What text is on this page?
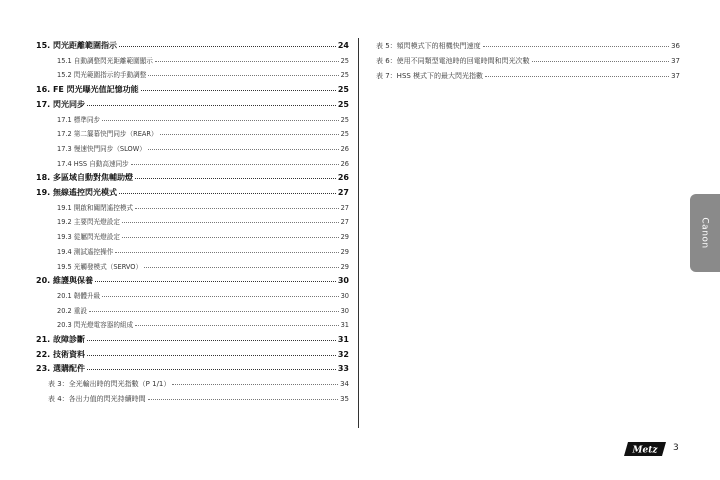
15. 閃光距離範圍指示	24
15.1 自動調整閃光距離範圍顯示	25
15.2 閃光範圍指示的手動調整	25
16. FE 閃光曝光值記憶功能	25
17. 閃光同步	25
17.1 標準同步	25
17.2 第二簾幕快門同步（REAR）	25
17.3 慢速快門同步（SLOW）	26
17.4 HSS 自動高速同步	26
18. 多區域自動對焦輔助燈	26
19. 無線遙控閃光模式	27
19.1 開啟和關閉遙控模式	27
19.2 主要閃光燈設定	27
19.3 從屬閃光燈設定	29
19.4 測試遙控操作	29
19.5 光觸發模式（SERVO）	29
20. 維護與保養	30
20.1 韌體升級	30
20.2 重設	30
20.3 閃光燈電容器的組成	31
21. 故障診斷	31
22. 技術資料	32
23. 選購配件	33
表 3：全光輸出時的閃光指數（P 1/1）	34
表 4：各出力值的閃光持續時間	35
表 5：頻閃模式下的相機快門速度	36
表 6：使用不同類型電池時的回電時間和閃光次數	37
表 7：HSS 模式下的最大閃光指數	37
Canon
Metz 3
